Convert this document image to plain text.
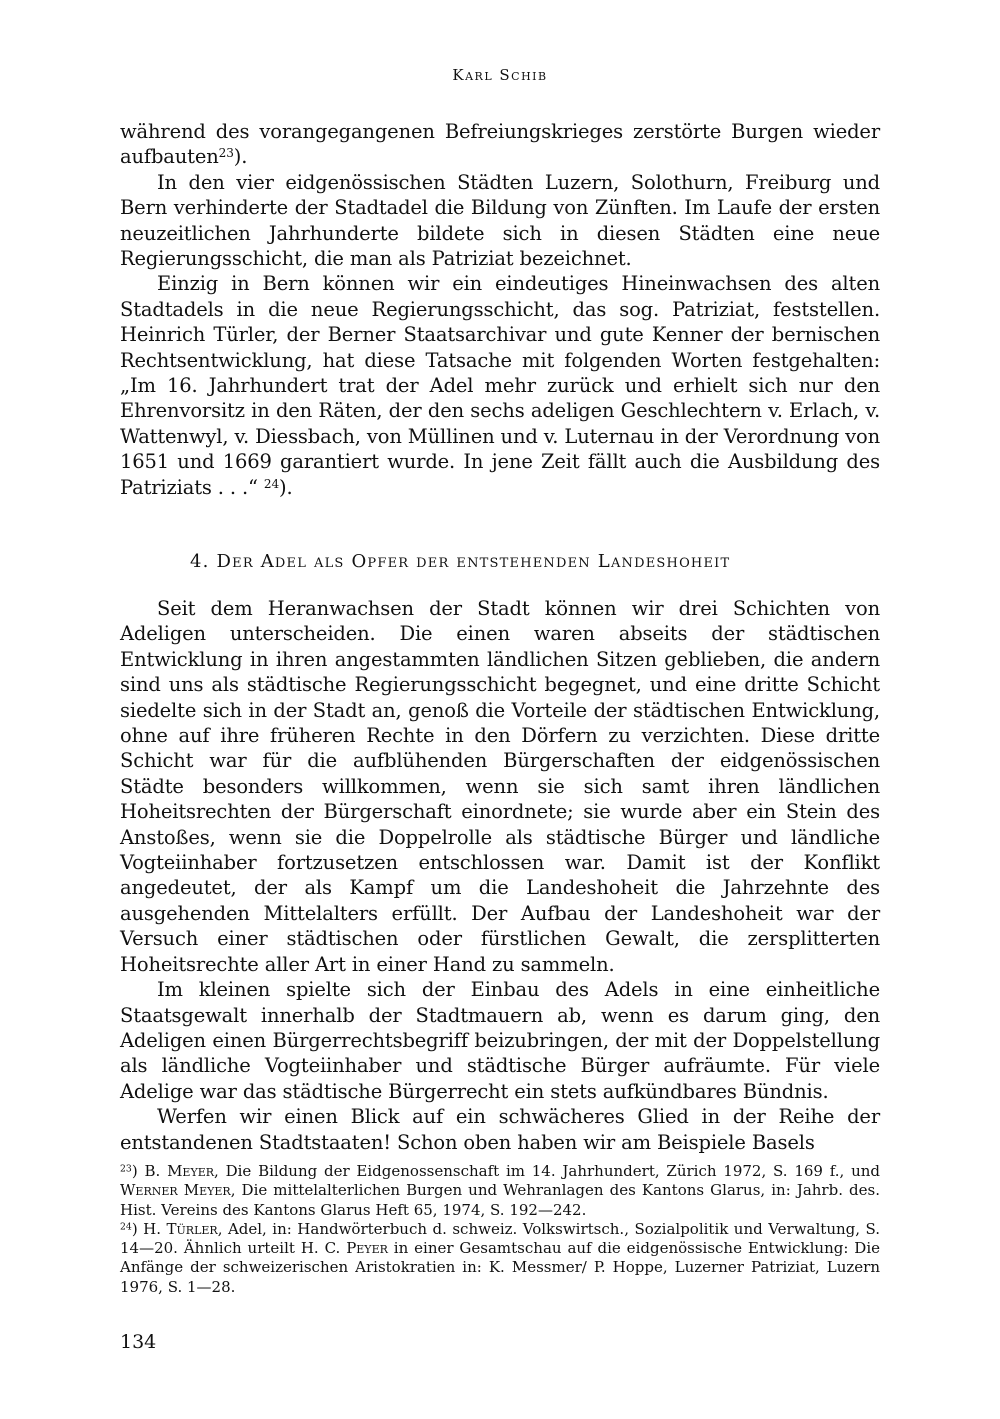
Karl Schib

während des vorangegangenen Befreiungskrieges zerstörte Burgen wieder aufbauten$^{23}$).

In den vier eidgenössischen Städten Luzern, Solothurn, Freiburg und Bern verhinderte der Stadtadel die Bildung von Zünften. Im Laufe der ersten neuzeitlichen Jahrhunderte bildete sich in diesen Städten eine neue Regierungsschicht, die man als Patriziat bezeichnet.

Einzig in Bern können wir ein eindeutiges Hineinwachsen des alten Stadtadels in die neue Regierungsschicht, das sog. Patriziat, feststellen. Heinrich Türler, der Berner Staatsarchivar und gute Kenner der bernischen Rechtsentwicklung, hat diese Tatsache mit folgenden Worten festgehalten: „Im 16. Jahrhundert trat der Adel mehr zurück und erhielt sich nur den Ehrenvorsitz in den Räten, der den sechs adeligen Geschlechtern v. Erlach, v. Wattenwyl, v. Diessbach, von Müllinen und v. Luternau in der Verordnung von 1651 und 1669 garantiert wurde. In jene Zeit fällt auch die Ausbildung des Patriziats . . .“ $^{24}$).

4. Der Adel als Opfer der entstehenden Landeshoheit

Seit dem Heranwachsen der Stadt können wir drei Schichten von Adeligen unterscheiden. Die einen waren abseits der städtischen Entwicklung in ihren angestammten ländlichen Sitzen geblieben, die andern sind uns als städtische Regierungsschicht begegnet, und eine dritte Schicht siedelte sich in der Stadt an, genoß die Vorteile der städtischen Entwicklung, ohne auf ihre früheren Rechte in den Dörfern zu verzichten. Diese dritte Schicht war für die aufblühenden Bürgerschaften der eidgenössischen Städte besonders willkommen, wenn sie sich samt ihren ländlichen Hoheitsrechten der Bürgerschaft einordnete; sie wurde aber ein Stein des Anstoßes, wenn sie die Doppelrolle als städtische Bürger und ländliche Vogteiinhaber fortzusetzen entschlossen war. Damit ist der Konflikt angedeutet, der als Kampf um die Landeshoheit die Jahrzehnte des ausgehenden Mittelalters erfüllt. Der Aufbau der Landeshoheit war der Versuch einer städtischen oder fürstlichen Gewalt, die zersplitterten Hoheitsrechte aller Art in einer Hand zu sammeln.

Im kleinen spielte sich der Einbau des Adels in eine einheitliche Staatsgewalt innerhalb der Stadtmauern ab, wenn es darum ging, den Adeligen einen Bürgerrechtsbegriff beizubringen, der mit der Doppelstellung als ländliche Vogteiinhaber und städtische Bürger aufräumte. Für viele Adelige war das städtische Bürgerrecht ein stets aufkündbares Bündnis.

Werfen wir einen Blick auf ein schwächeres Glied in der Reihe der entstandenen Stadtstaaten! Schon oben haben wir am Beispiele Basels

$^{23}$) B. Meyer, Die Bildung der Eidgenossenschaft im 14. Jahrhundert, Zürich 1972, S. 169 f., und Werner Meyer, Die mittelalterlichen Burgen und Wehranlagen des Kantons Glarus, in: Jahrb. des. Hist. Vereins des Kantons Glarus Heft 65, 1974, S. 192—242.

$^{24}$) H. Türler, Adel, in: Handwörterbuch d. schweiz. Volkswirtsch., Sozialpolitik und Verwaltung, S. 14—20. Ähnlich urteilt H. C. Peyer in einer Gesamtschau auf die eidgenössische Entwicklung: Die Anfänge der schweizerischen Aristokratien in: K. Messmer/ P. Hoppe, Luzerner Patriziat, Luzern 1976, S. 1—28.

134
